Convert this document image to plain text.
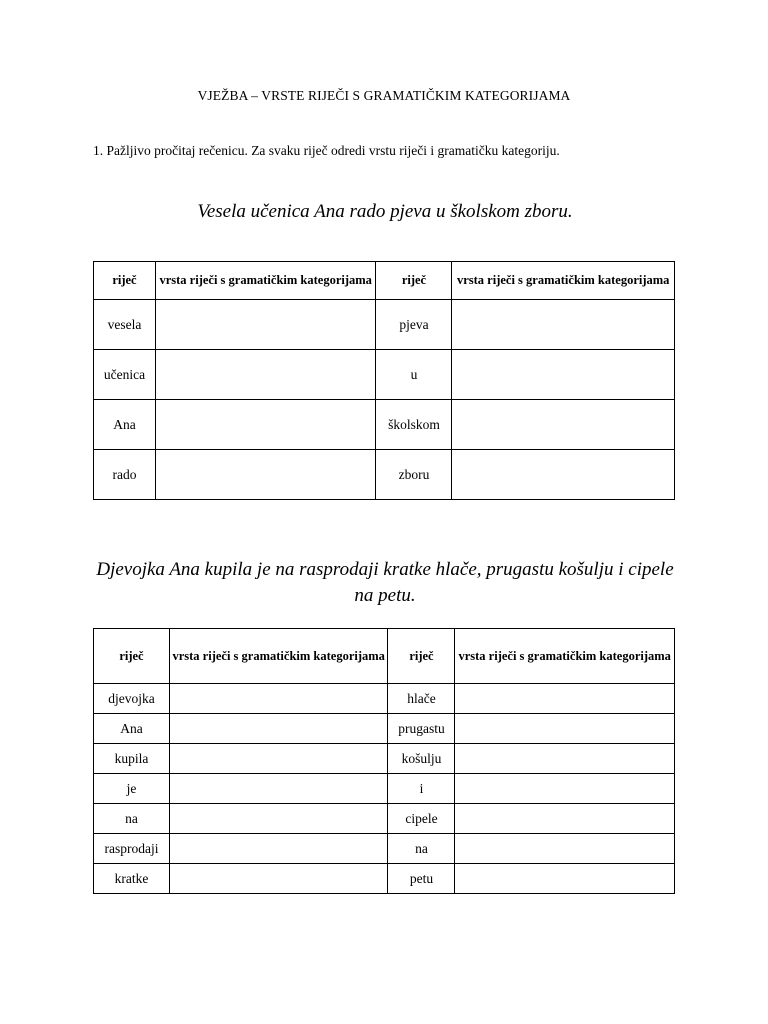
VJEŽBA – VRSTE RIJEČI S GRAMATIČKIM KATEGORIJAMA
1. Pažljivo pročitaj rečenicu. Za svaku riječ odredi vrstu riječi i gramatičku kategoriju.
Vesela učenica Ana rado pjeva u školskom zboru.
riječ	vrsta riječi s gramatičkim kategorijama	riječ	vrsta riječi s gramatičkim kategorijama
vesela		pjeva	
učenica		u	
Ana		školskom	
rado		zboru	
Djevojka Ana kupila je na rasprodaji kratke hlače, prugastu košulju i cipele na petu.
riječ	vrsta riječi s gramatičkim kategorijama	riječ	vrsta riječi s gramatičkim kategorijama
djevojka		hlače	
Ana		prugastu	
kupila		košulju	
je		i	
na		cipele	
rasprodaji		na	
kratke		petu	
